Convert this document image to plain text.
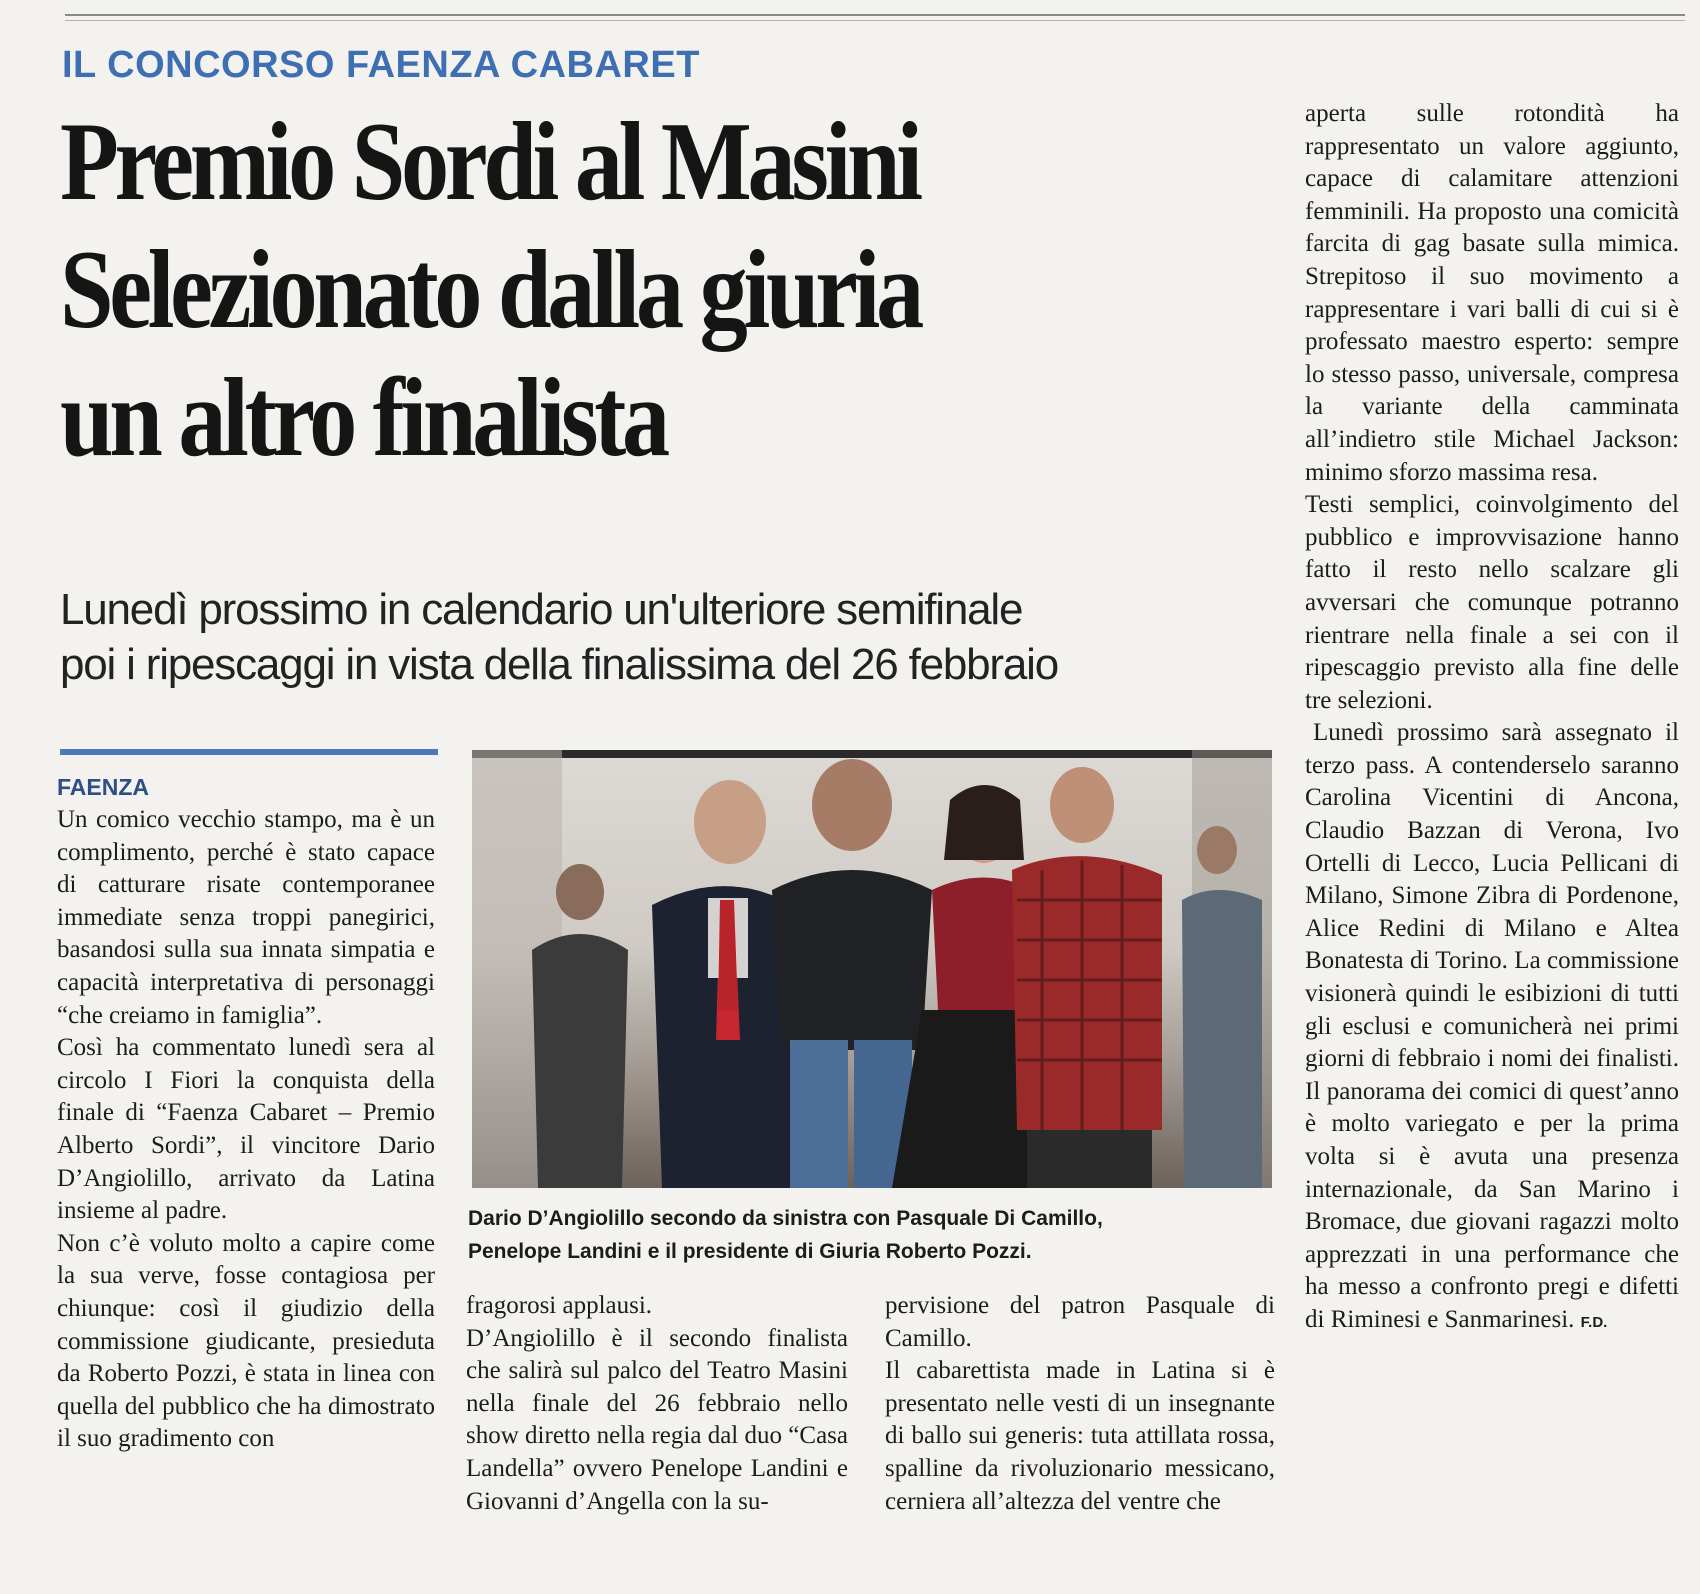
IL CONCORSO FAENZA CABARET
Premio Sordi al Masini
Selezionato dalla giuria
un altro finalista
Lunedì prossimo in calendario un'ulteriore semifinale
poi i ripescaggi in vista della finalissima del 26 febbraio
FAENZA

Un comico vecchio stampo, ma è un complimento, perché è stato capace di catturare risate contemporanee immediate senza troppi panegirici, basandosi sulla sua innata simpatia e capacità interpretativa di personaggi “che creiamo in famiglia”.

Così ha commentato lunedì sera al circolo I Fiori la conquista della finale di “Faenza Cabaret – Premio Alberto Sordi”, il vincitore Dario D’Angiolillo, arrivato da Latina insieme al padre.

Non c’è voluto molto a capire come la sua verve, fosse contagiosa per chiunque: così il giudizio della commissione giudicante, presieduta da Roberto Pozzi, è stata in linea con quella del pubblico che ha dimostrato il suo gradimento con

Dario D’Angiolillo secondo da sinistra con Pasquale Di Camillo,
Penelope Landini e il presidente di Giuria Roberto Pozzi.

fragorosi applausi.

D’Angiolillo è il secondo finalista che salirà sul palco del Teatro Masini nella finale del 26 febbraio nello show diretto nella regia dal duo “Casa Landella” ovvero Penelope Landini e Giovanni d’Angella con la su-

pervisione del patron Pasquale di Camillo.

Il cabarettista made in Latina si è presentato nelle vesti di un insegnante di ballo sui generis: tuta attillata rossa, spalline da rivoluzionario messicano, cerniera all’altezza del ventre che

aperta sulle rotondità ha rappresentato un valore aggiunto, capace di calamitare attenzioni femminili. Ha proposto una comicità farcita di gag basate sulla mimica. Strepitoso il suo movimento a rappresentare i vari balli di cui si è professato maestro esperto: sempre lo stesso passo, universale, compresa la variante della camminata all’indietro stile Michael Jackson: minimo sforzo massima resa.

Testi semplici, coinvolgimento del pubblico e improvvisazione hanno fatto il resto nello scalzare gli avversari che comunque potranno rientrare nella finale a sei con il ripescaggio previsto alla fine delle tre selezioni.

Lunedì prossimo sarà assegnato il terzo pass. A contenderselo saranno Carolina Vicentini di Ancona, Claudio Bazzan di Verona, Ivo Ortelli di Lecco, Lucia Pellicani di Milano, Simone Zibra di Pordenone, Alice Redini di Milano e Altea Bonatesta di Torino. La commissione visionerà quindi le esibizioni di tutti gli esclusi e comunicherà nei primi giorni di febbraio i nomi dei finalisti. Il panorama dei comici di quest’anno è molto variegato e per la prima volta si è avuta una presenza internazionale, da San Marino i Bromace, due giovani ragazzi molto apprezzati in una performance che ha messo a confronto pregi e difetti di Riminesi e Sanmarinesi. F.D.
